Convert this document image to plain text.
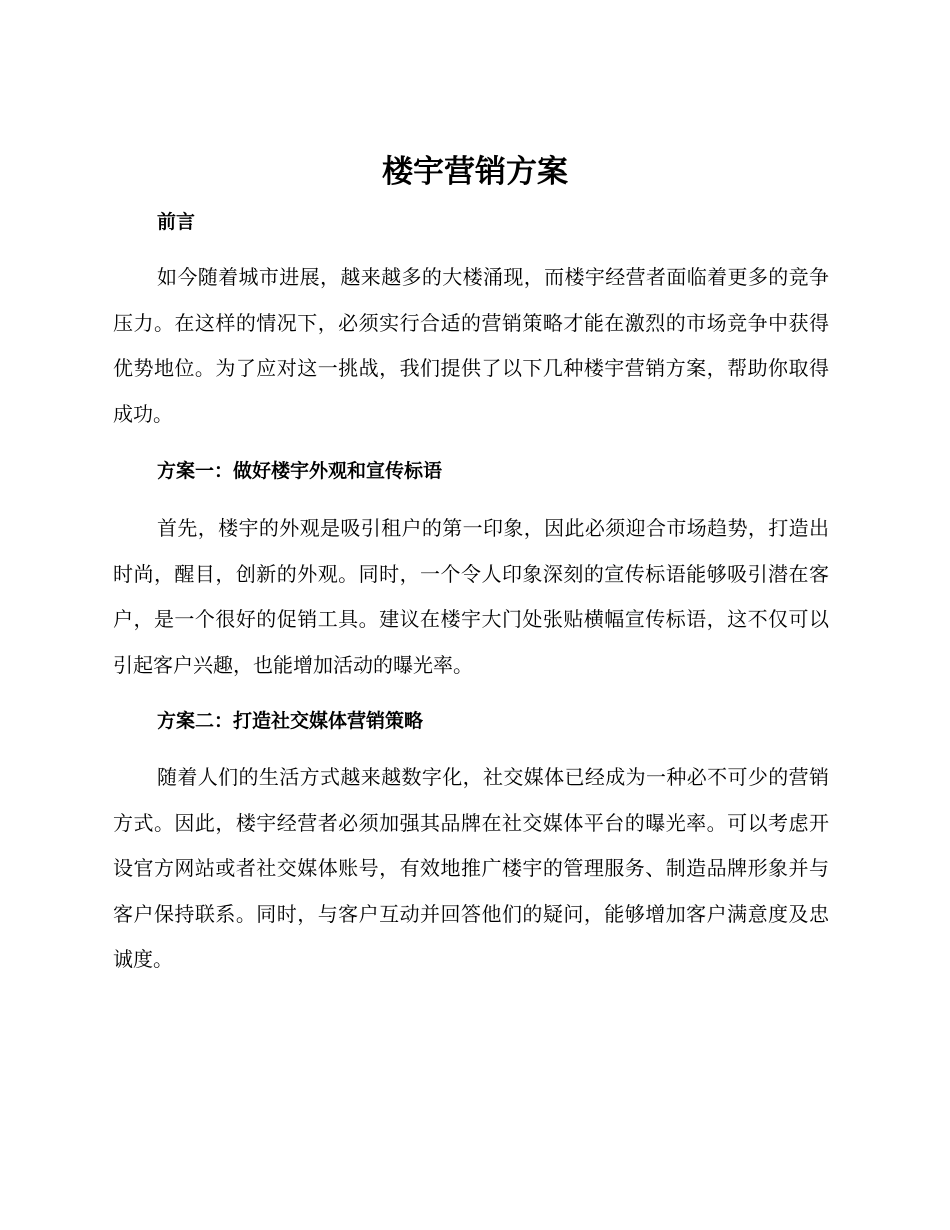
楼宇营销方案
前言

如今随着城市进展，越来越多的大楼涌现，而楼宇经营者面临着更多的竞争压力。在这样的情况下，必须实行合适的营销策略才能在激烈的市场竞争中获得优势地位。为了应对这一挑战，我们提供了以下几种楼宇营销方案，帮助你取得成功。

方案一：做好楼宇外观和宣传标语

首先，楼宇的外观是吸引租户的第一印象，因此必须迎合市场趋势，打造出时尚，醒目，创新的外观。同时，一个令人印象深刻的宣传标语能够吸引潜在客户，是一个很好的促销工具。建议在楼宇大门处张贴横幅宣传标语，这不仅可以引起客户兴趣，也能增加活动的曝光率。

方案二：打造社交媒体营销策略

随着人们的生活方式越来越数字化，社交媒体已经成为一种必不可少的营销方式。因此，楼宇经营者必须加强其品牌在社交媒体平台的曝光率。可以考虑开设官方网站或者社交媒体账号，有效地推广楼宇的管理服务、制造品牌形象并与客户保持联系。同时，与客户互动并回答他们的疑问，能够增加客户满意度及忠诚度。
